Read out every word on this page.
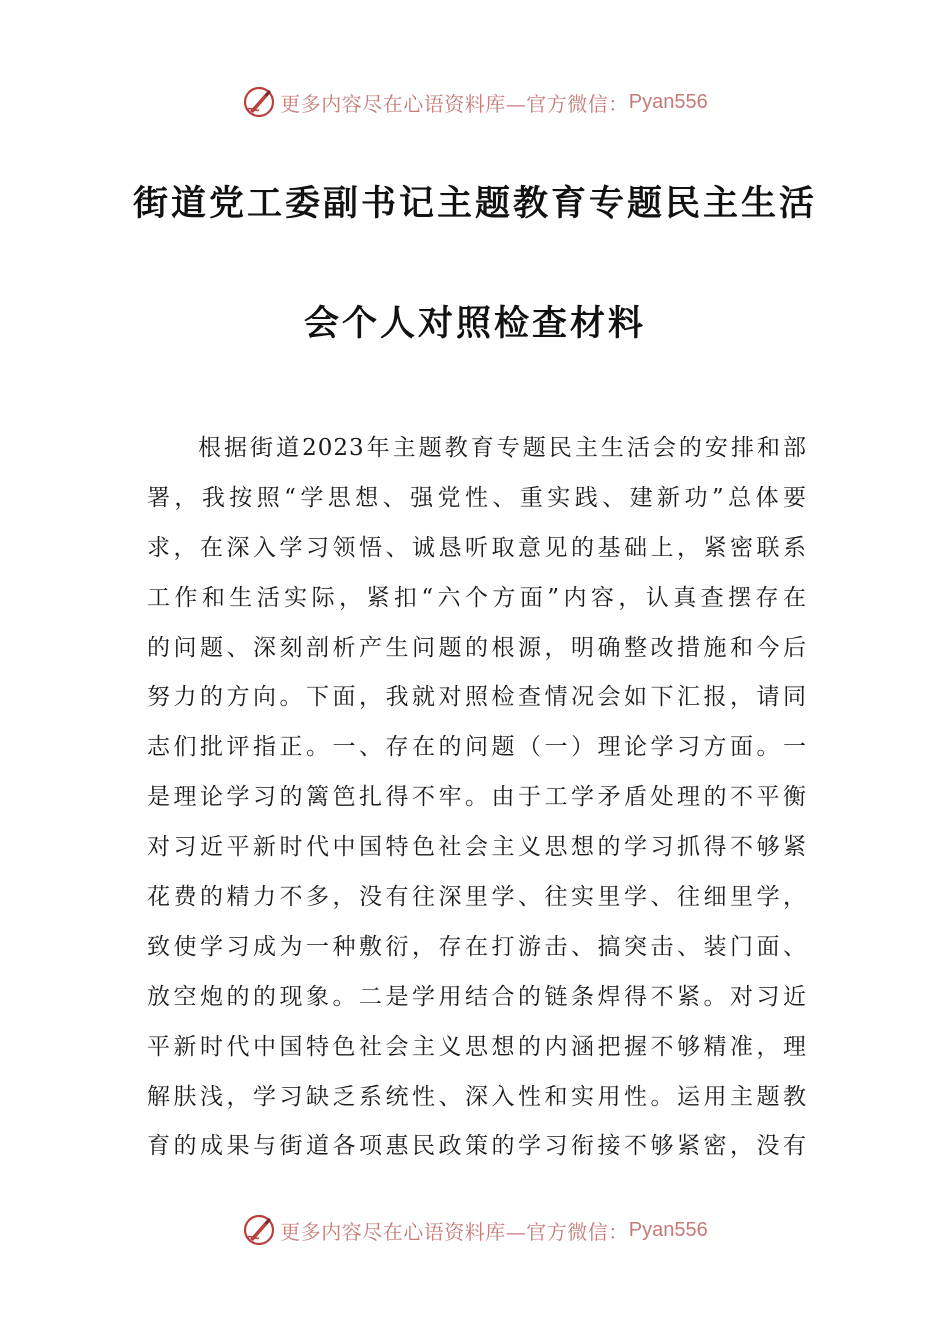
更多内容尽在心语资料库—官方微信： Pyan556
街道党工委副书记主题教育专题民主生活
会个人对照检查材料
根据街道2023年主题教育专题民主生活会的安排和部
署，我按照“学思想、强党性、重实践、建新功”总体要
求，在深入学习领悟、诚恳听取意见的基础上，紧密联系
工作和生活实际，紧扣“六个方面”内容，认真查摆存在
的问题、深刻剖析产生问题的根源，明确整改措施和今后
努力的方向。下面，我就对照检查情况会如下汇报，请同
志们批评指正。一、存在的问题（一）理论学习方面。一
是理论学习的篱笆扎得不牢。由于工学矛盾处理的不平衡
对习近平新时代中国特色社会主义思想的学习抓得不够紧
花费的精力不多，没有往深里学、往实里学、往细里学，
致使学习成为一种敷衍，存在打游击、搞突击、装门面、
放空炮的的现象。二是学用结合的链条焊得不紧。对习近
平新时代中国特色社会主义思想的内涵把握不够精准，理
解肤浅，学习缺乏系统性、深入性和实用性。运用主题教
育的成果与街道各项惠民政策的学习衔接不够紧密，没有
更多内容尽在心语资料库—官方微信： Pyan556
